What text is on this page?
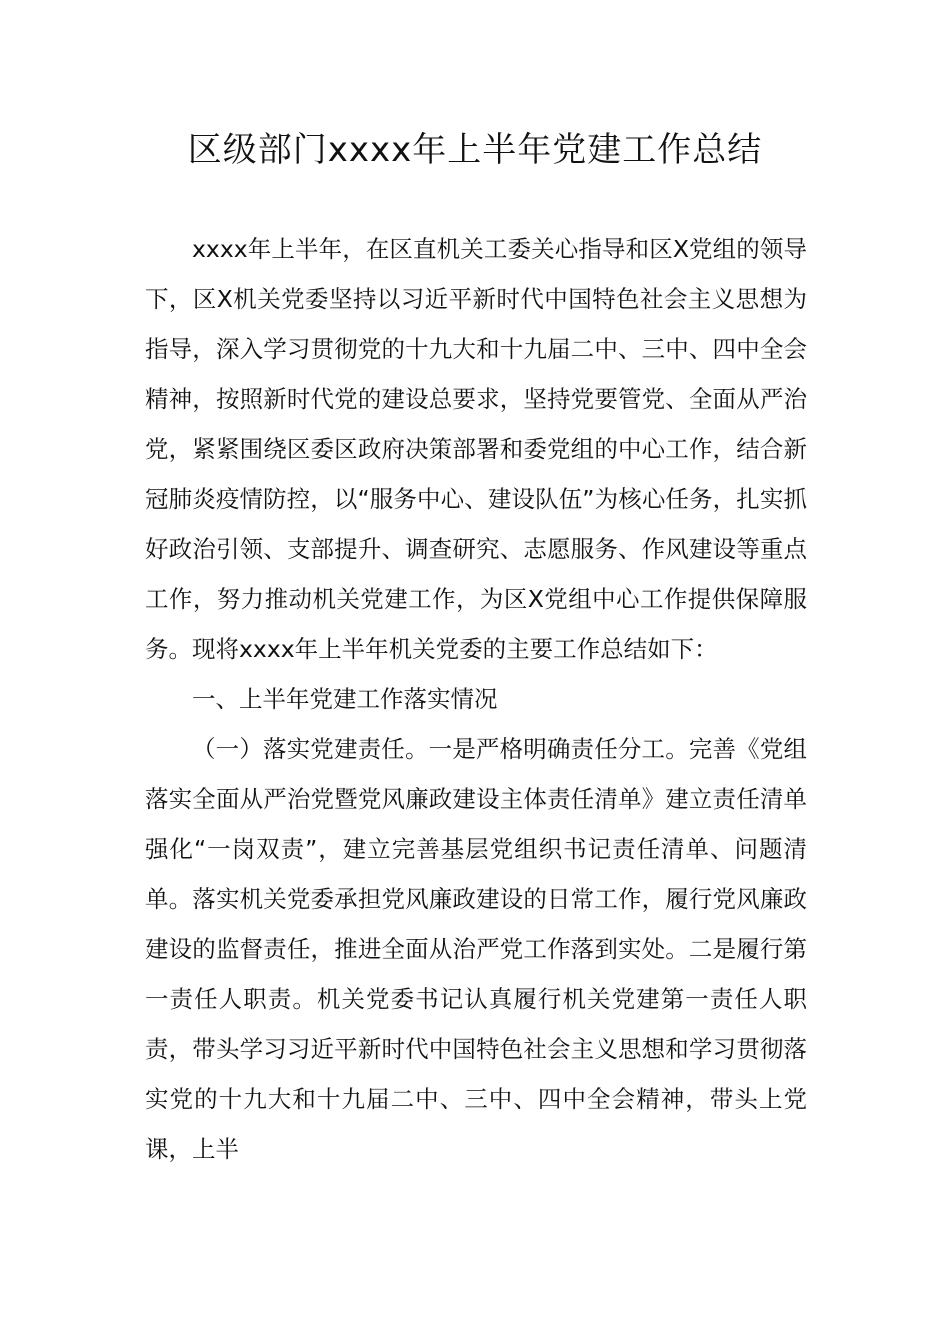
区级部门xxxx年上半年党建工作总结

xxxx年上半年，在区直机关工委关心指导和区X党组的领导下，区X机关党委坚持以习近平新时代中国特色社会主义思想为指导，深入学习贯彻党的十九大和十九届二中、三中、四中全会精神，按照新时代党的建设总要求，坚持党要管党、全面从严治党，紧紧围绕区委区政府决策部署和委党组的中心工作，结合新冠肺炎疫情防控，以“服务中心、建设队伍”为核心任务，扎实抓好政治引领、支部提升、调查研究、志愿服务、作风建设等重点工作，努力推动机关党建工作，为区X党组中心工作提供保障服务。现将xxxx年上半年机关党委的主要工作总结如下：

一、上半年党建工作落实情况

（一）落实党建责任。一是严格明确责任分工。完善《党组落实全面从严治党暨党风廉政建设主体责任清单》建立责任清单强化“一岗双责”，建立完善基层党组织书记责任清单、问题清单。落实机关党委承担党风廉政建设的日常工作，履行党风廉政建设的监督责任，推进全面从治严党工作落到实处。二是履行第一责任人职责。机关党委书记认真履行机关党建第一责任人职责，带头学习习近平新时代中国特色社会主义思想和学习贯彻落实党的十九大和十九届二中、三中、四中全会精神，带头上党课，上半
